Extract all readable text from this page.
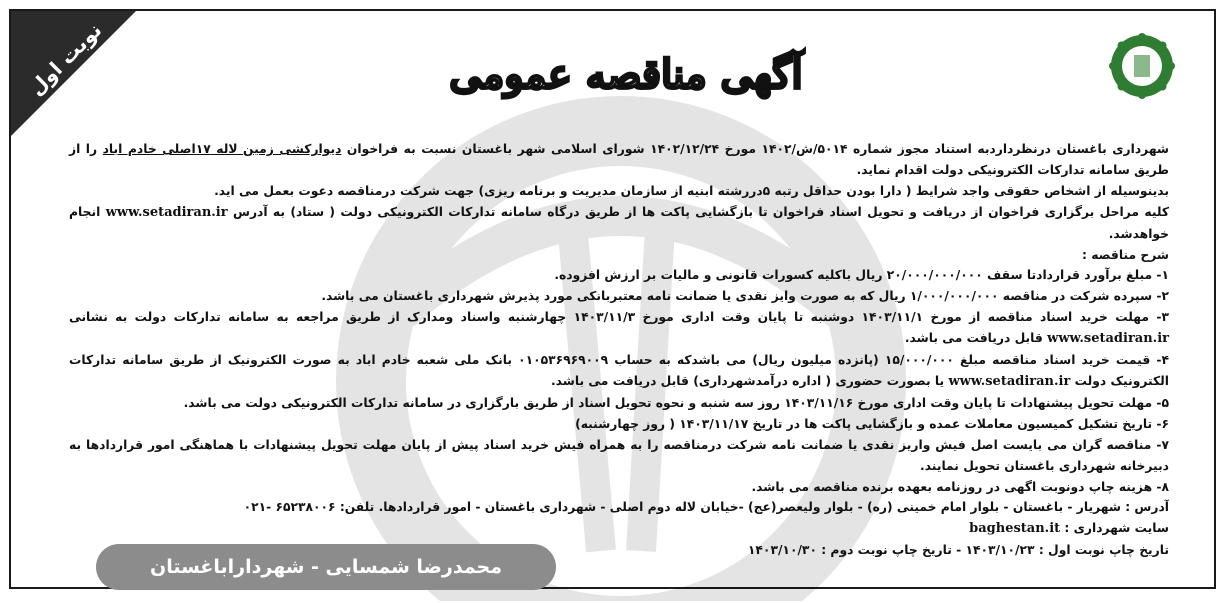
نوبت اول	آگهی مناقصه عمومی

شهرداری باغستان درنظرداردبه استناد مجوز شماره ۵۰۱۴/ش/۱۴۰۲ مورخ ۱۴۰۲/۱۲/۲۴ شورای اسلامی شهر باغستان نسبت به فراخوان دیوارکشی زمین لاله ۱۷اصلی خادم اباد را از طریق سامانه تدارکات الکترونیکی دولت اقدام نماید.

بدینوسیله از اشخاص حقوقی واجد شرایط ( دارا بودن حداقل رتبه ۵دررشته ابنیه از سازمان مدیریت و برنامه ریزی) جهت شرکت درمناقصه دعوت بعمل می اید.

کلیه مراحل برگزاری فراخوان از دریافت و تحویل اسناد فراخوان تا بازگشایی پاکت ها از طریق درگاه سامانه تدارکات الکترونیکی دولت ( ستاد) به آدرس www.setadiran.ir انجام خواهدشد.

شرح مناقصه :

۱- مبلغ برآورد قراردادتا سقف ۲۰/۰۰۰/۰۰۰/۰۰۰ ریال باکلیه کسورات قانونی و مالیات بر ارزش افزوده.

۲- سپرده شرکت در مناقصه ۱/۰۰۰/۰۰۰/۰۰۰ ریال که به صورت وایز نقدی یا ضمانت نامه معتبربانکی مورد پذیرش شهرداری باغستان می باشد.

۳- مهلت خرید اسناد مناقصه از مورخ ۱۴۰۳/۱۱/۱ دوشنبه تا پایان وقت اداری مورخ ۱۴۰۳/۱۱/۳ چهارشنبه واسناد ومدارک از طریق مراجعه به سامانه تدارکات دولت به نشانی www.setadiran.ir قابل دریافت می باشد.

۴- قیمت خرید اسناد مناقصه مبلغ ۱۵/۰۰۰/۰۰۰ (پانزده میلیون ریال) می باشدکه به حساب ۰۱۰۵۳۶۹۶۹۰۰۹ بانک ملی شعبه خادم اباد به صورت الکترونیک از طریق سامانه تدارکات الکترونیک دولت www.setadiran.ir یا بصورت حضوری ( اداره درآمدشهرداری) قابل دریافت می باشد.

۵- مهلت تحویل پیشنهادات تا پایان وقت اداری مورخ ۱۴۰۳/۱۱/۱۶ روز سه شنبه و نحوه تحویل اسناد از طریق بارگزاری در سامانه تدارکات الکترونیکی دولت می باشد.

۶- تاریخ تشکیل کمیسیون معاملات عمده و بازگشایی پاکت ها در تاریخ ۱۴۰۳/۱۱/۱۷ ( روز چهارشنبه)

۷- مناقصه گران می بایست اصل فیش واریز نقدی یا ضمانت نامه شرکت درمناقصه را به همراه فیش خرید اسناد پیش از پایان مهلت تحویل پیشنهادات با هماهنگی امور قراردادها به دبیرخانه شهرداری باغستان تحویل نمایند.

۸- هزینه چاپ دونوبت اگهی در روزنامه بعهده برنده مناقصه می باشد.

آدرس : شهریار - باغستان - بلوار امام خمینی (ره) - بلوار ولیعصر(عج) -خیابان لاله دوم اصلی - شهرداری باغستان - امور قراردادها. تلفن: ۶۵۲۳۸۰۰۶ -۰۲۱

سایت شهرداری : baghestan.it

تاریخ چاپ نوبت اول : ۱۴۰۳/۱۰/۲۳ - تاریخ چاپ نوبت دوم : ۱۴۰۳/۱۰/۳۰

محمدرضا شمسایی - شهرداراباغستان
